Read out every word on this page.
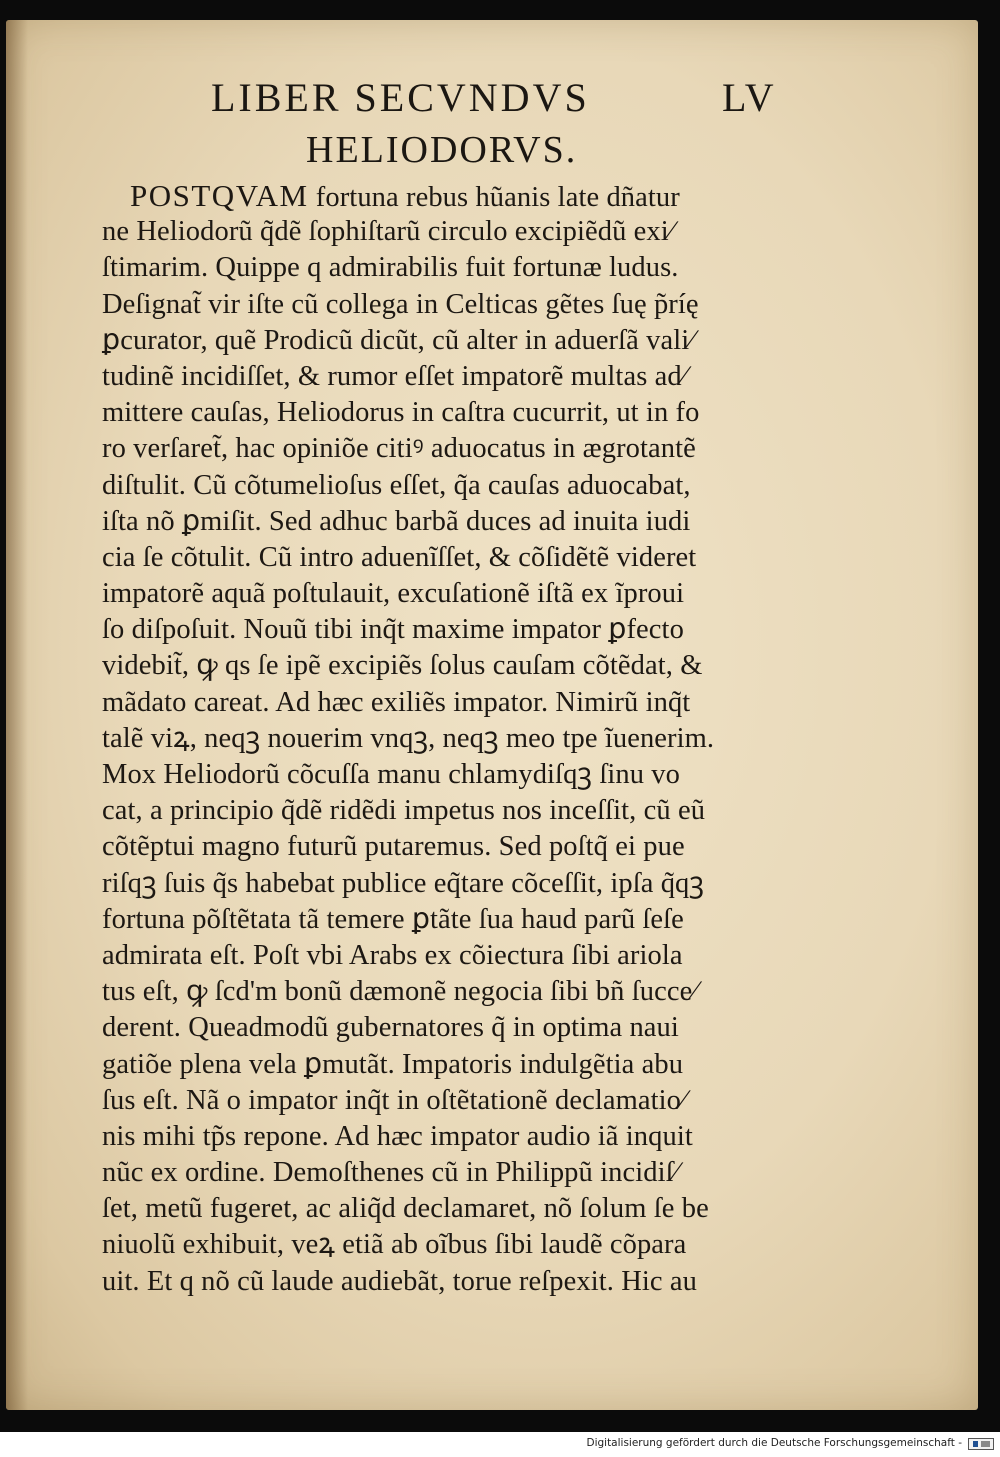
LIBER SECVNDVS	LV
HELIODORVS.
POSTQVAM fortuna rebus hũanis late dñatur
ne Heliodorũ q̃dẽ ſophiſtarũ circulo excipiẽdũ exi∕
ſtimarim. Quippe q admirabilis fuit fortunæ ludus.
Deſignat̃ vir iſte cũ collega in Celticas gẽtes ſuę p̃ríę
ꝑcurator, quẽ Prodicũ dicũt, cũ alter in aduerſã vali∕
tudinẽ incidiſſet, & rumor eſſet impatorẽ multas ad∕
mittere cauſas, Heliodorus in caſtra cucurrit, ut in fo
ro verſaret̃, hac opiniõe citiꝰ aduocatus in ægrotantẽ
diſtulit. Cũ cõtumelioſus eſſet, q̃a cauſas aduocabat,
iſta nõ ꝑmiſit. Sed adhuc barbã duces ad inuita iudi
cia ſe cõtulit. Cũ intro aduenĩſſet, & cõſidẽtẽ videret
impatorẽ aquã poſtulauit, excuſationẽ iſtã ex ĩproui
ſo diſpoſuit. Nouũ tibi inq̃t maxime impator ꝑfecto
videbit̃, ꝙ qs ſe ipẽ excipiẽs ſolus cauſam cõtẽdat, &
mãdato careat. Ad hæc exiliẽs impator. Nimirũ inq̃t
talẽ viꝝ, neqꝫ nouerim vnqꝫ, neqꝫ meo tpe ĩuenerim.
Mox Heliodorũ cõcuſſa manu chlamydiſqꝫ ſinu vo
cat, a principio q̃dẽ ridẽdi impetus nos inceſſit, cũ eũ
cõtẽptui magno futurũ putaremus. Sed poſtq̃ ei pue
riſqꝫ ſuis q̃s habebat publice eq̃tare cõceſſit, ipſa q̃qꝫ
fortuna põſtẽtata tã temere ꝑtãte ſua haud parũ ſeſe
admirata eſt. Poſt vbi Arabs ex cõiectura ſibi ariola
tus eſt, ꝙ ſcd'm bonũ dæmonẽ negocia ſibi bñ ſucce∕
derent. Queadmodũ gubernatores q̃ in optima naui
gatiõe plena vela ꝑmutãt. Impatoris indulgẽtia abu
ſus eſt. Nã o impator inq̃t in oſtẽtationẽ declamatio∕
nis mihi tp̃s repone. Ad hæc impator audio iã inquit
nũc ex ordine. Demoſthenes cũ in Philippũ incidiſ∕
ſet, metũ fugeret, ac aliq̃d declamaret, nõ ſolum ſe be
niuolũ exhibuit, veꝝ etiã ab oĩbus ſibi laudẽ cõpara
uit. Et q nõ cũ laude audiebãt, torue reſpexit. Hic au
Digitalisierung gefördert durch die Deutsche Forschungsgemeinschaft -
